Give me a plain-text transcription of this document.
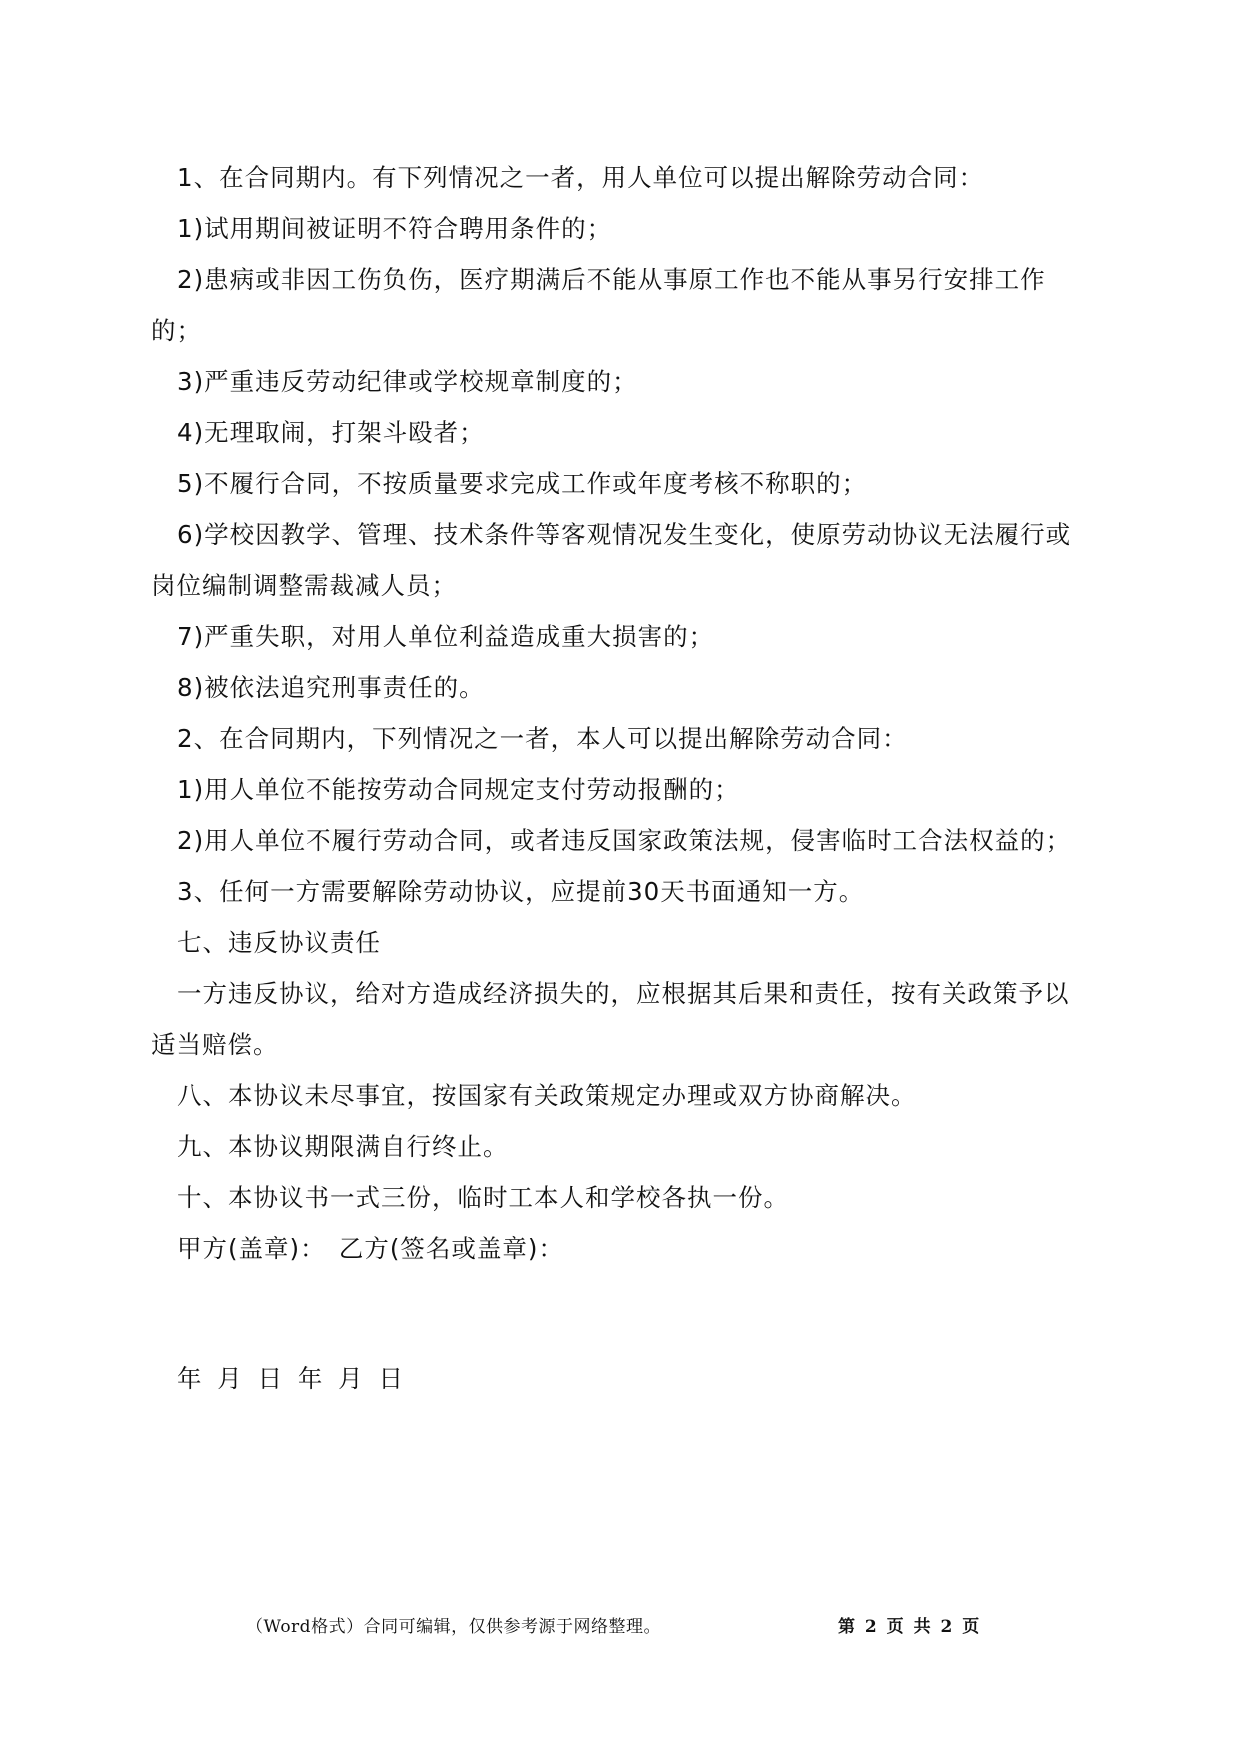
1、在合同期内。有下列情况之一者，用人单位可以提出解除劳动合同：

1)试用期间被证明不符合聘用条件的；

2)患病或非因工伤负伤，医疗期满后不能从事原工作也不能从事另行安排工作的；

3)严重违反劳动纪律或学校规章制度的；

4)无理取闹，打架斗殴者；

5)不履行合同，不按质量要求完成工作或年度考核不称职的；

6)学校因教学、管理、技术条件等客观情况发生变化，使原劳动协议无法履行或岗位编制调整需裁减人员；

7)严重失职，对用人单位利益造成重大损害的；

8)被依法追究刑事责任的。

2、在合同期内，下列情况之一者，本人可以提出解除劳动合同：

1)用人单位不能按劳动合同规定支付劳动报酬的；

2)用人单位不履行劳动合同，或者违反国家政策法规，侵害临时工合法权益的；

3、任何一方需要解除劳动协议，应提前30天书面通知一方。

七、违反协议责任

一方违反协议，给对方造成经济损失的，应根据其后果和责任，按有关政策予以适当赔偿。

八、本协议未尽事宜，按国家有关政策规定办理或双方协商解决。

九、本协议期限满自行终止。

十、本协议书一式三份，临时工本人和学校各执一份。

甲方(盖章)：　乙方(签名或盖章)：

年 月 日 年 月 日

（Word格式）合同可编辑，仅供参考源于网络整理。	第 2 页 共 2 页
